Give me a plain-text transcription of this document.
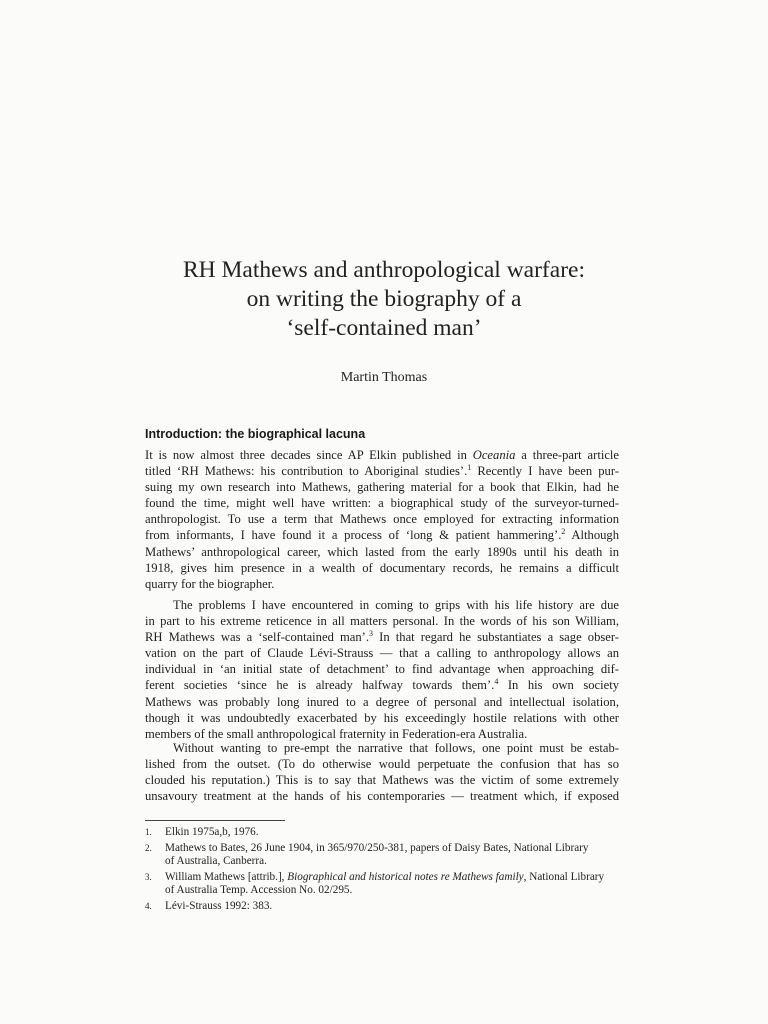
RH Mathews and anthropological warfare:
on writing the biography of a
‘self-contained man’
Martin Thomas
Introduction: the biographical lacuna
It is now almost three decades since AP Elkin published in Oceania a three-part article
titled ‘RH Mathews: his contribution to Aboriginal studies’.$^1$ Recently I have been pur-
suing my own research into Mathews, gathering material for a book that Elkin, had he
found the time, might well have written: a biographical study of the surveyor-turned-
anthropologist. To use a term that Mathews once employed for extracting information
from informants, I have found it a process of ‘long & patient hammering’.$^2$ Although
Mathews’ anthropological career, which lasted from the early 1890s until his death in
1918, gives him presence in a wealth of documentary records, he remains a difficult
quarry for the biographer.
The problems I have encountered in coming to grips with his life history are due
in part to his extreme reticence in all matters personal. In the words of his son William,
RH Mathews was a ‘self-contained man’.$^3$ In that regard he substantiates a sage obser-
vation on the part of Claude Lévi-Strauss — that a calling to anthropology allows an
individual in ‘an initial state of detachment’ to find advantage when approaching dif-
ferent societies ‘since he is already halfway towards them’.$^4$ In his own society
Mathews was probably long inured to a degree of personal and intellectual isolation,
though it was undoubtedly exacerbated by his exceedingly hostile relations with other
members of the small anthropological fraternity in Federation-era Australia.
Without wanting to pre-empt the narrative that follows, one point must be estab-
lished from the outset. (To do otherwise would perpetuate the confusion that has so
clouded his reputation.) This is to say that Mathews was the victim of some extremely
unsavoury treatment at the hands of his contemporaries — treatment which, if exposed
1. Elkin 1975a,b, 1976.
2. Mathews to Bates, 26 June 1904, in 365/970/250-381, papers of Daisy Bates, National Library
of Australia, Canberra.
3. William Mathews [attrib.], Biographical and historical notes re Mathews family, National Library
of Australia Temp. Accession No. 02/295.
4. Lévi-Strauss 1992: 383.
